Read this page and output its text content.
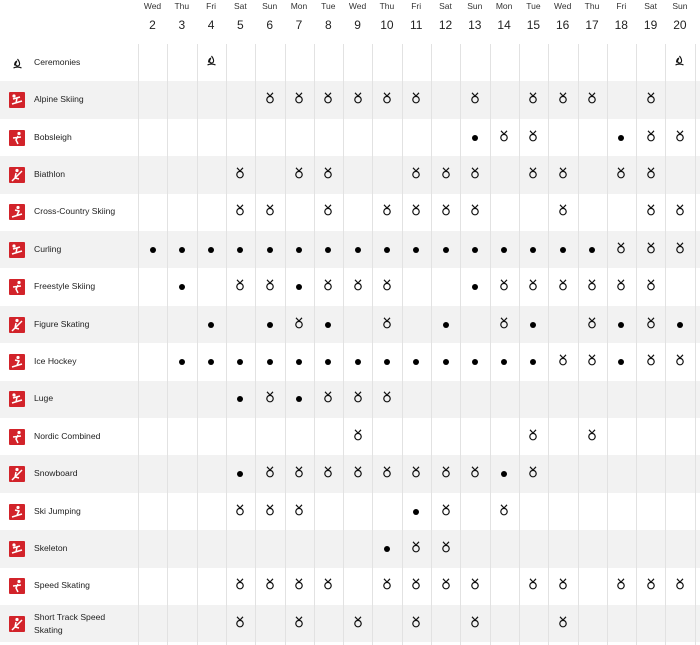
Wed
2
Thu
3
Fri
4
Sat
5
Sun
6
Mon
7
Tue
8
Wed
9
Thu
10
Fri
11
Sat
12
Sun
13
Mon
14
Tue
15
Wed
16
Thu
17
Fri
18
Sat
19
Sun
20
Ceremonies
Alpine Skiing
Bobsleigh
Biathlon
Cross-Country Skiing
Curling
Freestyle Skiing
Figure Skating
Ice Hockey
Luge
Nordic Combined
Snowboard
Ski Jumping
Skeleton
Speed Skating
Short Track Speed
Skating
